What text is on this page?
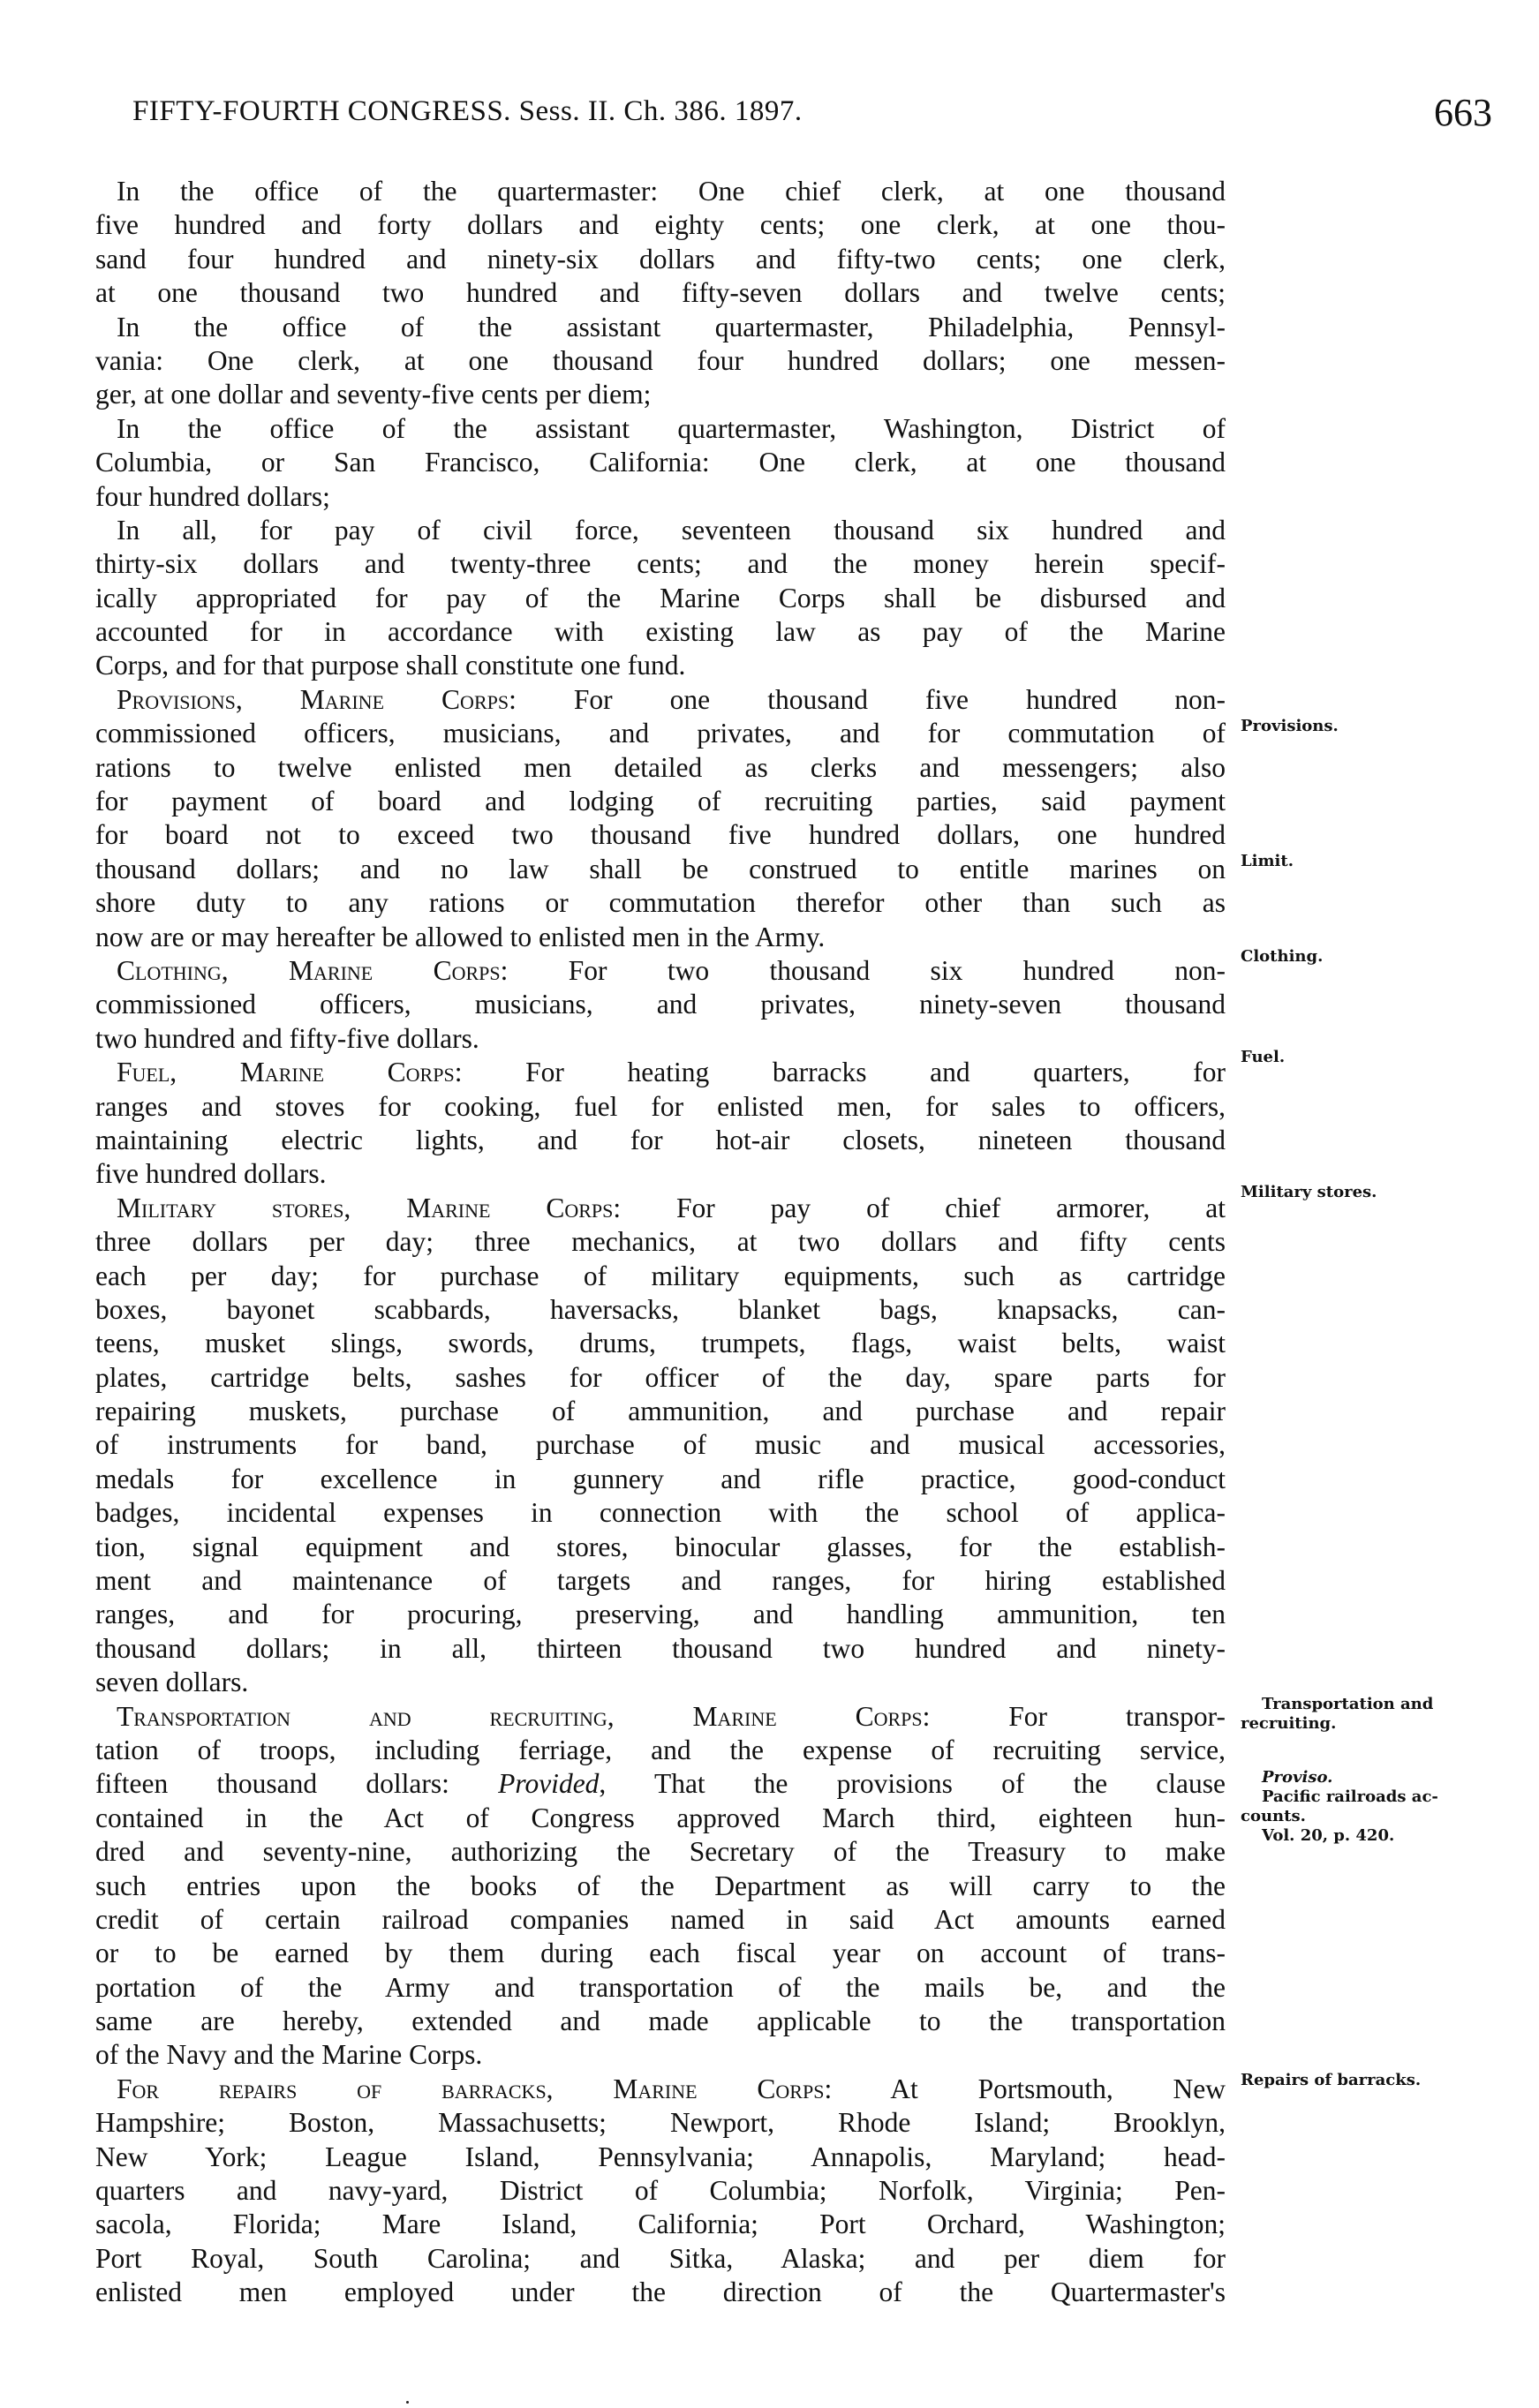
FIFTY-FOURTH CONGRESS. Sess. II. Ch. 386. 1897.	663
In the office of the quartermaster: One chief clerk, at one thousand
five hundred and forty dollars and eighty cents; one clerk, at one thou-
sand four hundred and ninety-six dollars and fifty-two cents; one clerk,
at one thousand two hundred and fifty-seven dollars and twelve cents;
In the office of the assistant quartermaster, Philadelphia, Pennsyl-
vania: One clerk, at one thousand four hundred dollars; one messen-
ger, at one dollar and seventy-five cents per diem;
In the office of the assistant quartermaster, Washington, District of
Columbia, or San Francisco, California: One clerk, at one thousand
four hundred dollars;
In all, for pay of civil force, seventeen thousand six hundred and
thirty-six dollars and twenty-three cents; and the money herein specif-
ically appropriated for pay of the Marine Corps shall be disbursed and
accounted for in accordance with existing law as pay of the Marine
Corps, and for that purpose shall constitute one fund.
Provisions, Marine Corps: For one thousand five hundred non-
commissioned officers, musicians, and privates, and for commutation of
rations to twelve enlisted men detailed as clerks and messengers; also
for payment of board and lodging of recruiting parties, said payment
for board not to exceed two thousand five hundred dollars, one hundred
thousand dollars; and no law shall be construed to entitle marines on
shore duty to any rations or commutation therefor other than such as
now are or may hereafter be allowed to enlisted men in the Army.
Clothing, Marine Corps: For two thousand six hundred non-
commissioned officers, musicians, and privates, ninety-seven thousand
two hundred and fifty-five dollars.
Fuel, Marine Corps: For heating barracks and quarters, for
ranges and stoves for cooking, fuel for enlisted men, for sales to officers,
maintaining electric lights, and for hot-air closets, nineteen thousand
five hundred dollars.
Military stores, Marine Corps: For pay of chief armorer, at
three dollars per day; three mechanics, at two dollars and fifty cents
each per day; for purchase of military equipments, such as cartridge
boxes, bayonet scabbards, haversacks, blanket bags, knapsacks, can-
teens, musket slings, swords, drums, trumpets, flags, waist belts, waist
plates, cartridge belts, sashes for officer of the day, spare parts for
repairing muskets, purchase of ammunition, and purchase and repair
of instruments for band, purchase of music and musical accessories,
medals for excellence in gunnery and rifle practice, good-conduct
badges, incidental expenses in connection with the school of applica-
tion, signal equipment and stores, binocular glasses, for the establish-
ment and maintenance of targets and ranges, for hiring established
ranges, and for procuring, preserving, and handling ammunition, ten
thousand dollars; in all, thirteen thousand two hundred and ninety-
seven dollars.
Transportation and recruiting, Marine Corps: For transpor-
tation of troops, including ferriage, and the expense of recruiting service,
fifteen thousand dollars: Provided, That the provisions of the clause
contained in the Act of Congress approved March third, eighteen hun-
dred and seventy-nine, authorizing the Secretary of the Treasury to make
such entries upon the books of the Department as will carry to the
credit of certain railroad companies named in said Act amounts earned
or to be earned by them during each fiscal year on account of trans-
portation of the Army and transportation of the mails be, and the
same are hereby, extended and made applicable to the transportation
of the Navy and the Marine Corps.
For repairs of barracks, Marine Corps: At Portsmouth, New
Hampshire; Boston, Massachusetts; Newport, Rhode Island; Brooklyn,
New York; League Island, Pennsylvania; Annapolis, Maryland; head-
quarters and navy-yard, District of Columbia; Norfolk, Virginia; Pen-
sacola, Florida; Mare Island, California; Port Orchard, Washington;
Port Royal, South Carolina; and Sitka, Alaska; and per diem for
enlisted men employed under the direction of the Quartermaster's
Provisions.
Limit.
Clothing.
Fuel.
Military stores.
Transportation and
recruiting.
Proviso.
Pacific railroads ac-
counts.
Vol. 20, p. 420.
Repairs of barracks.
